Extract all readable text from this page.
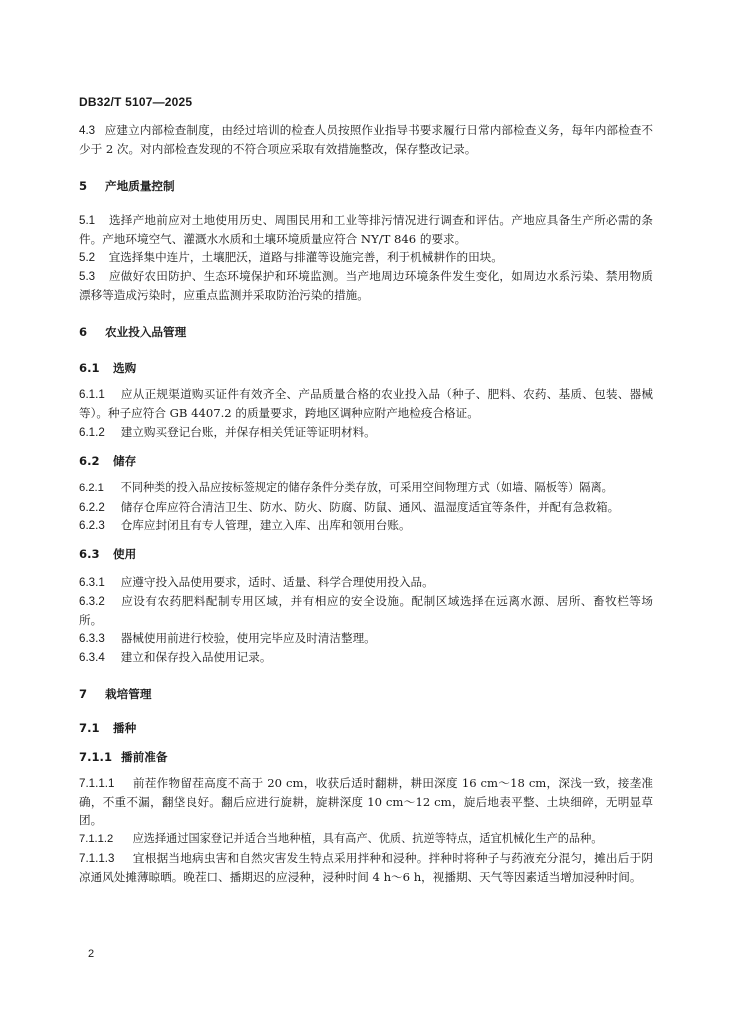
DB32/T 5107—2025
4.3 应建立内部检查制度，由经过培训的检查人员按照作业指导书要求履行日常内部检查义务，每年内部检查不少于 2 次。对内部检查发现的不符合项应采取有效措施整改，保存整改记录。
5 产地质量控制
5.1 选择产地前应对土地使用历史、周围民用和工业等排污情况进行调查和评估。产地应具备生产所必需的条件。产地环境空气、灌溉水水质和土壤环境质量应符合 NY/T 846 的要求。
5.2 宜选择集中连片，土壤肥沃，道路与排灌等设施完善，利于机械耕作的田块。
5.3 应做好农田防护、生态环境保护和环境监测。当产地周边环境条件发生变化，如周边水系污染、禁用物质漂移等造成污染时，应重点监测并采取防治污染的措施。
6 农业投入品管理
6.1 选购
6.1.1 应从正规渠道购买证件有效齐全、产品质量合格的农业投入品（种子、肥料、农药、基质、包装、器械等）。种子应符合 GB 4407.2 的质量要求，跨地区调种应附产地检疫合格证。
6.1.2 建立购买登记台账，并保存相关凭证等证明材料。
6.2 储存
6.2.1 不同种类的投入品应按标签规定的储存条件分类存放，可采用空间物理方式（如墙、隔板等）隔离。
6.2.2 储存仓库应符合清洁卫生、防水、防火、防腐、防鼠、通风、温湿度适宜等条件，并配有急救箱。
6.2.3 仓库应封闭且有专人管理，建立入库、出库和领用台账。
6.3 使用
6.3.1 应遵守投入品使用要求，适时、适量、科学合理使用投入品。
6.3.2 应设有农药肥料配制专用区域，并有相应的安全设施。配制区域选择在远离水源、居所、畜牧栏等场所。
6.3.3 器械使用前进行校验，使用完毕应及时清洁整理。
6.3.4 建立和保存投入品使用记录。
7 栽培管理
7.1 播种
7.1.1 播前准备
7.1.1.1 前茬作物留茬高度不高于 20 cm，收获后适时翻耕，耕田深度 16 cm～18 cm，深浅一致，接垄准确，不重不漏，翻垡良好。翻后应进行旋耕，旋耕深度 10 cm～12 cm，旋后地表平整、土块细碎，无明显草团。
7.1.1.2 应选择通过国家登记并适合当地种植，具有高产、优质、抗逆等特点，适宜机械化生产的品种。
7.1.1.3 宜根据当地病虫害和自然灾害发生特点采用拌种和浸种。拌种时将种子与药液充分混匀，摊出后于阴凉通风处摊薄晾晒。晚茬口、播期迟的应浸种，浸种时间 4 h～6 h，视播期、天气等因素适当增加浸种时间。
2
